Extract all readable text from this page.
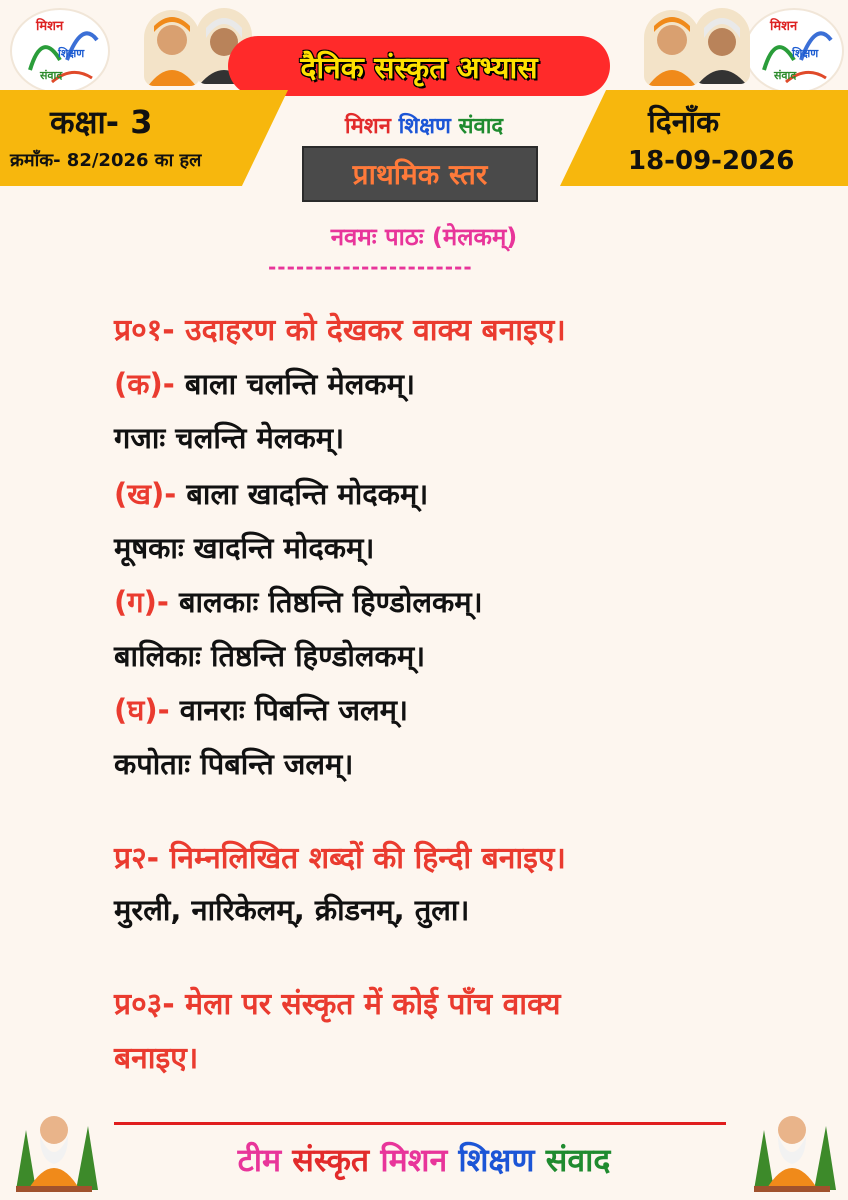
मिशन
शिक्षण
संवाद
मिशन
शिक्षण
संवाद
दैनिक संस्कृत अभ्यास
कक्षा- 3
क्रमाँक- 82/2026 का हल
दिनाँक
18-09-2026
मिशन शिक्षण संवाद
प्राथमिक स्तर
नवमः पाठः (मेलकम्)
----------------------
प्र०१- उदाहरण को देखकर वाक्य बनाइए।
(क)- बाला चलन्ति मेलकम्।
गजाः चलन्ति मेलकम्।
(ख)- बाला खादन्ति मोदकम्।
मूषकाः खादन्ति मोदकम्।
(ग)- बालकाः तिष्ठन्ति हिण्डोलकम्।
बालिकाः तिष्ठन्ति हिण्डोलकम्।
(घ)- वानराः पिबन्ति जलम्।
कपोताः पिबन्ति जलम्।
प्र२- निम्नलिखित शब्दों की हिन्दी बनाइए।
मुरली, नारिकेलम्, क्रीडनम्, तुला।
प्र०३- मेला पर संस्कृत में कोई पाँच वाक्य
बनाइए।
टीम संस्कृत मिशन शिक्षण संवाद
